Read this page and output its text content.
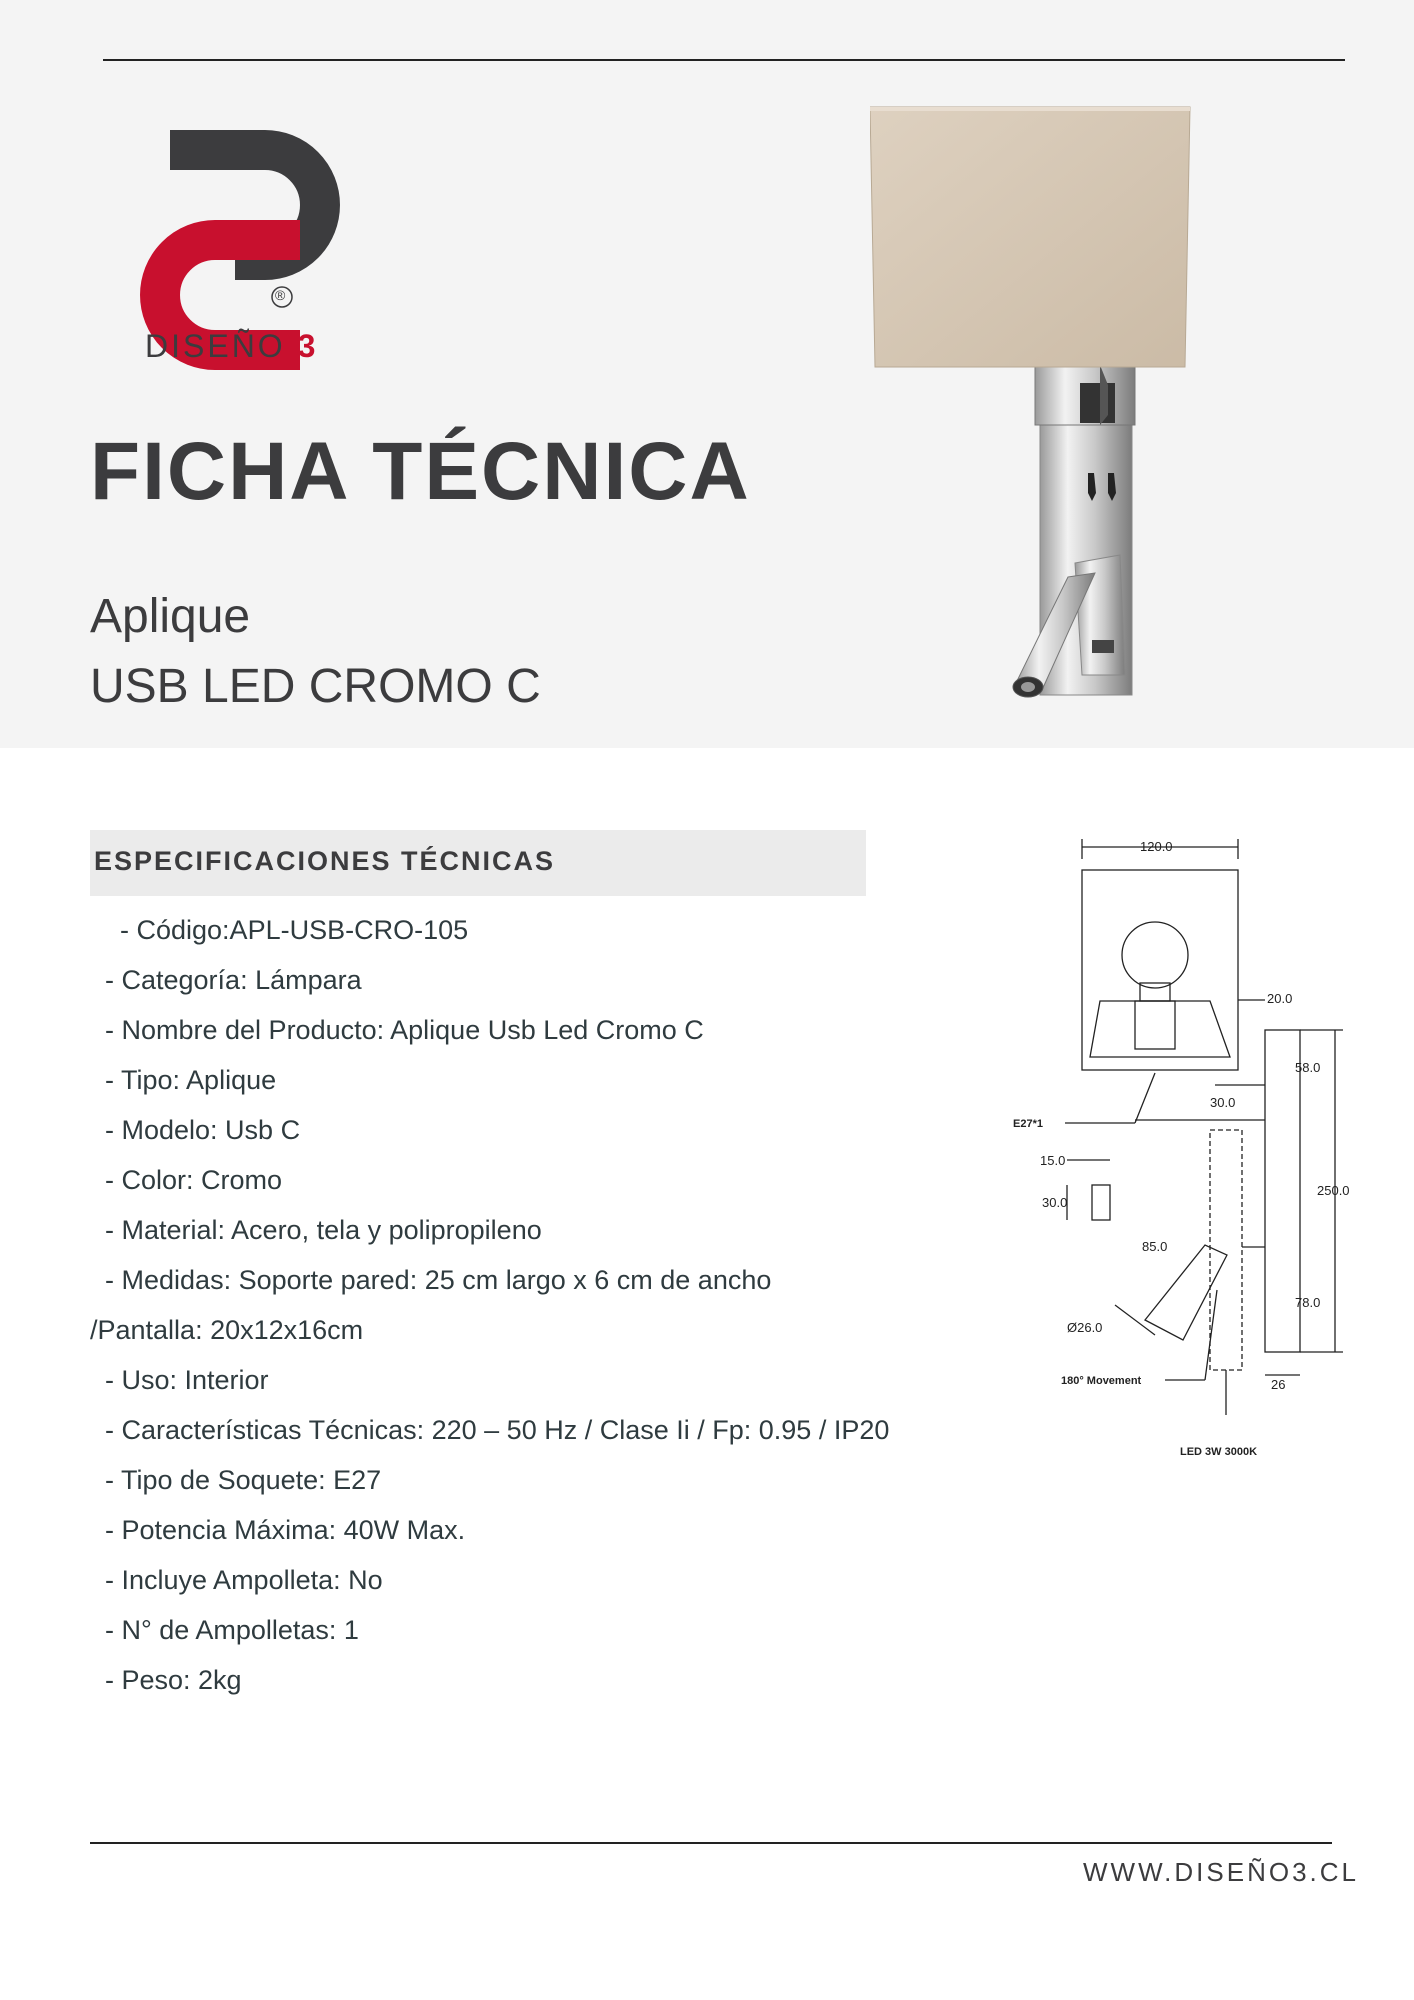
®
DISEÑO 3
FICHA TÉCNICA
Aplique
USB LED CROMO C
ESPECIFICACIONES TÉCNICAS
- Código:APL-USB-CRO-105
- Categoría: Lámpara
- Nombre del Producto: Aplique Usb Led Cromo C
- Tipo: Aplique
- Modelo: Usb C
- Color: Cromo
- Material: Acero, tela y polipropileno
- Medidas: Soporte pared: 25 cm largo x 6 cm de ancho /Pantalla: 20x12x16cm
- Uso: Interior
- Características Técnicas: 220 – 50 Hz / Clase Ii / Fp: 0.95 / IP20
- Tipo de Soquete: E27
- Potencia Máxima: 40W Max.
- Incluye Ampolleta: No
- N° de Ampolletas: 1
- Peso: 2kg
120.0
20.0
30.0
250.0
58.0
78.0
85.0
Ø26.0
15.0
30.0
E27*1
180° Movement
LED 3W 3000K
26
WWW.DISEÑO3.CL
